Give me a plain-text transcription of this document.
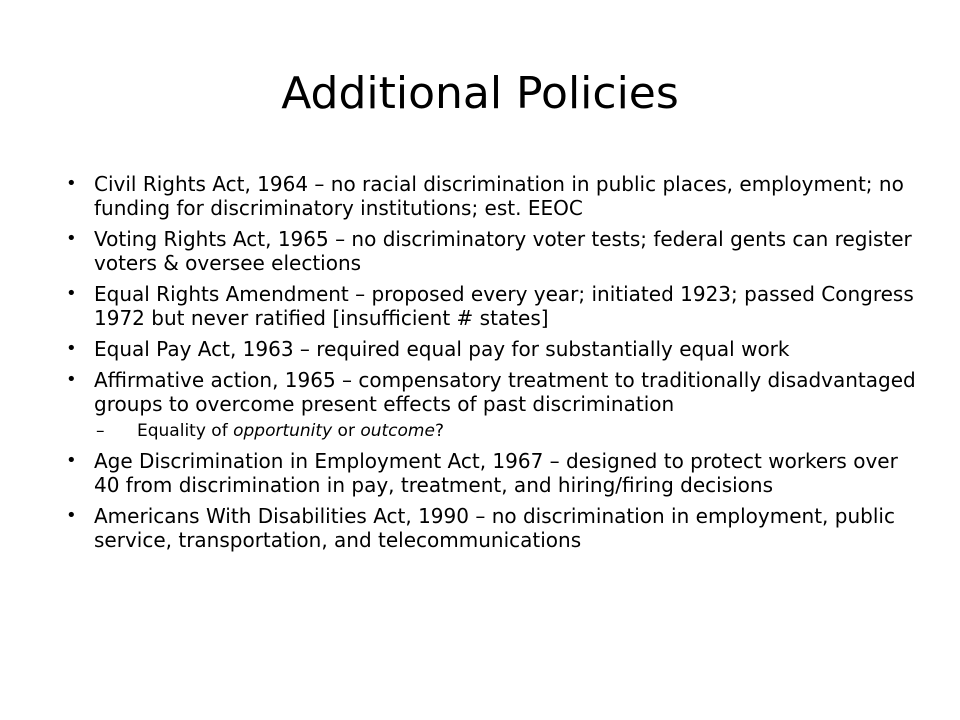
Additional Policies
• Civil Rights Act, 1964 – no racial discrimination in public places, employment; no funding for discriminatory institutions; est. EEOC
• Voting Rights Act, 1965 – no discriminatory voter tests; federal gents can register voters & oversee elections
• Equal Rights Amendment – proposed every year; initiated 1923; passed Congress 1972 but never ratified [insufficient # states]
• Equal Pay Act, 1963 – required equal pay for substantially equal work
• Affirmative action, 1965 – compensatory treatment to traditionally disadvantaged groups to overcome present effects of past discrimination
– Equality of opportunity or outcome?
• Age Discrimination in Employment Act, 1967 – designed to protect workers over 40 from discrimination in pay, treatment, and hiring/firing decisions
• Americans With Disabilities Act, 1990 – no discrimination in employment, public service, transportation, and telecommunications
